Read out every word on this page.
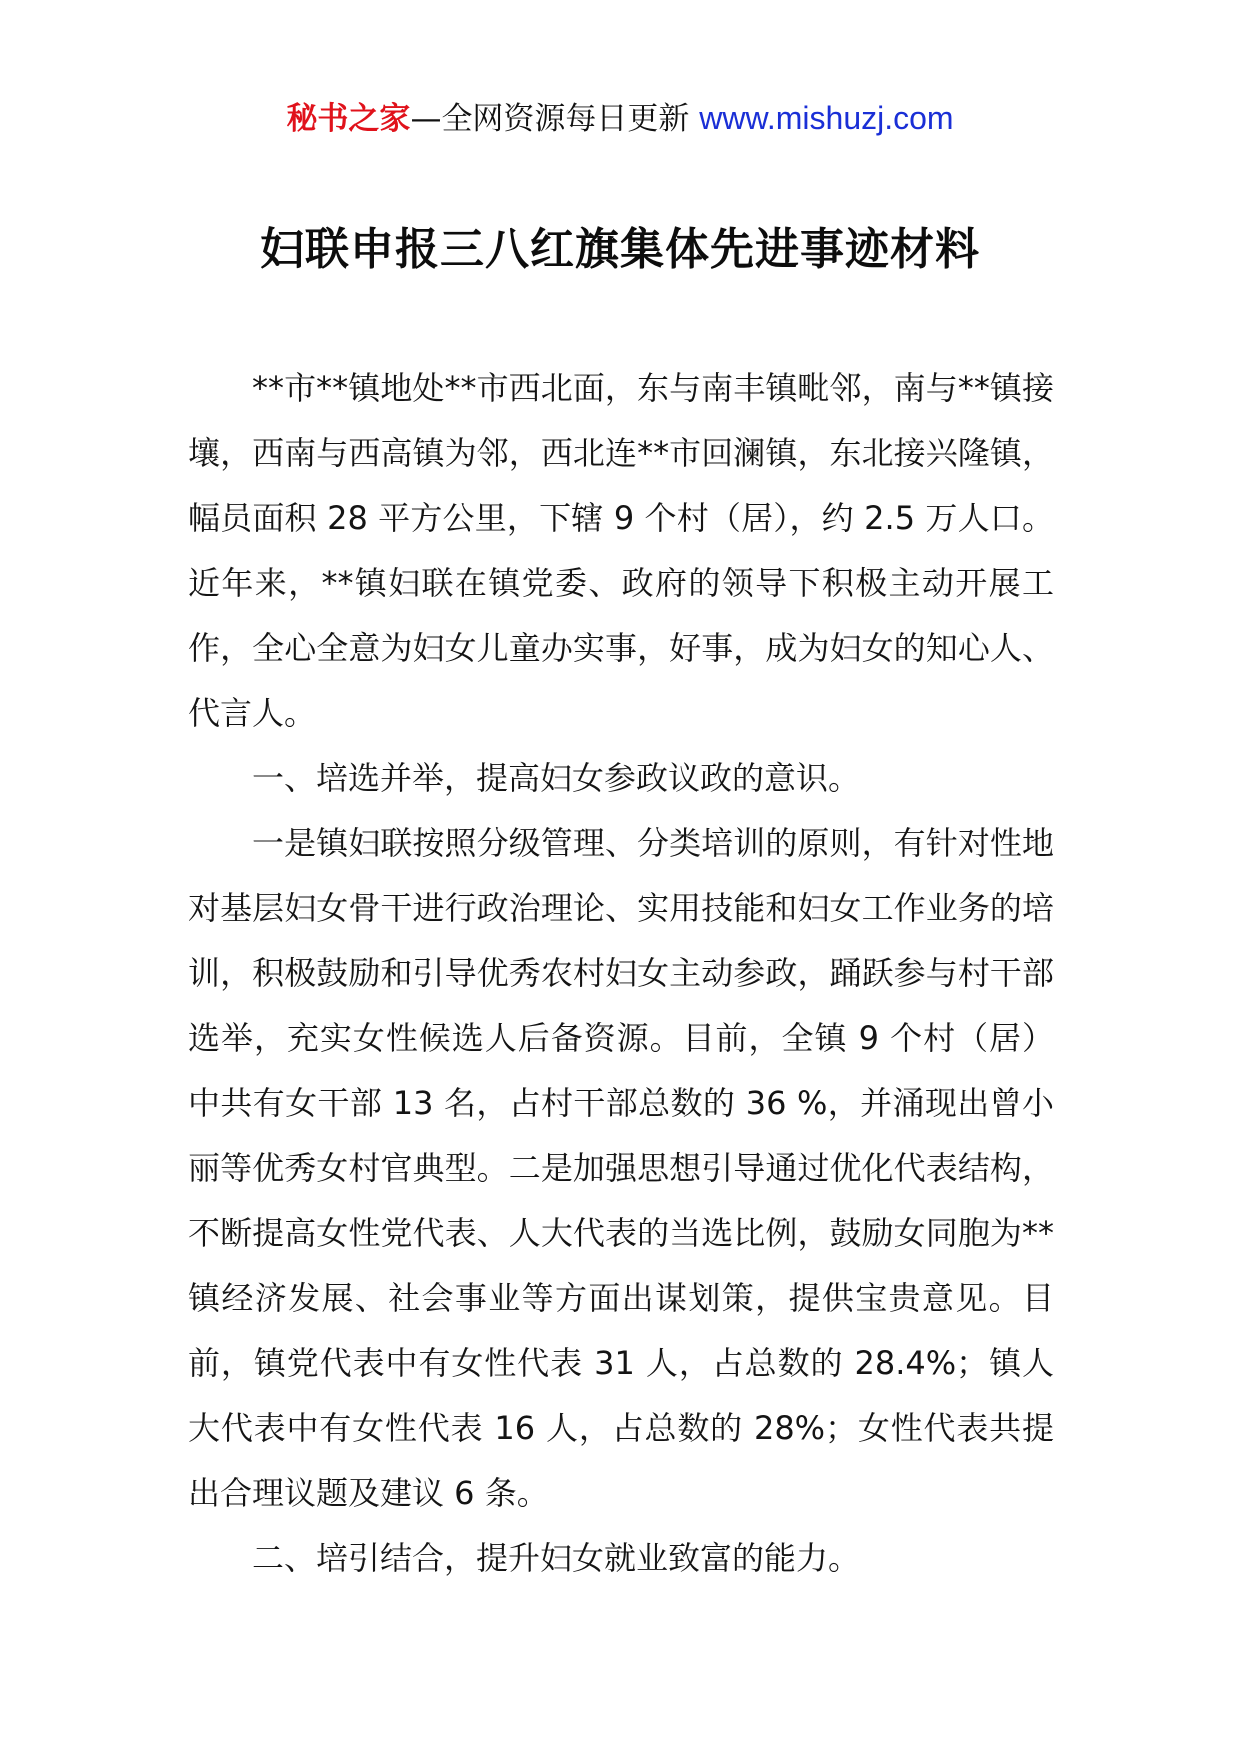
秘书之家—全网资源每日更新 www.mishuzj.com
妇联申报三八红旗集体先进事迹材料

**市**镇地处**市西北面，东与南丰镇毗邻，南与**镇接壤，西南与西高镇为邻，西北连**市回澜镇，东北接兴隆镇，幅员面积 28 平方公里，下辖 9 个村（居），约 2.5 万人口。近年来，**镇妇联在镇党委、政府的领导下积极主动开展工作，全心全意为妇女儿童办实事，好事，成为妇女的知心人、代言人。

一、培选并举，提高妇女参政议政的意识。

一是镇妇联按照分级管理、分类培训的原则，有针对性地对基层妇女骨干进行政治理论、实用技能和妇女工作业务的培训，积极鼓励和引导优秀农村妇女主动参政，踊跃参与村干部选举，充实女性候选人后备资源。目前，全镇 9 个村（居）中共有女干部 13 名，占村干部总数的 36 %，并涌现出曾小丽等优秀女村官典型。二是加强思想引导通过优化代表结构，不断提高女性党代表、人大代表的当选比例，鼓励女同胞为**镇经济发展、社会事业等方面出谋划策，提供宝贵意见。目前，镇党代表中有女性代表 31 人，占总数的 28.4%；镇人大代表中有女性代表 16 人，占总数的 28%；女性代表共提出合理议题及建议 6 条。

二、培引结合，提升妇女就业致富的能力。
